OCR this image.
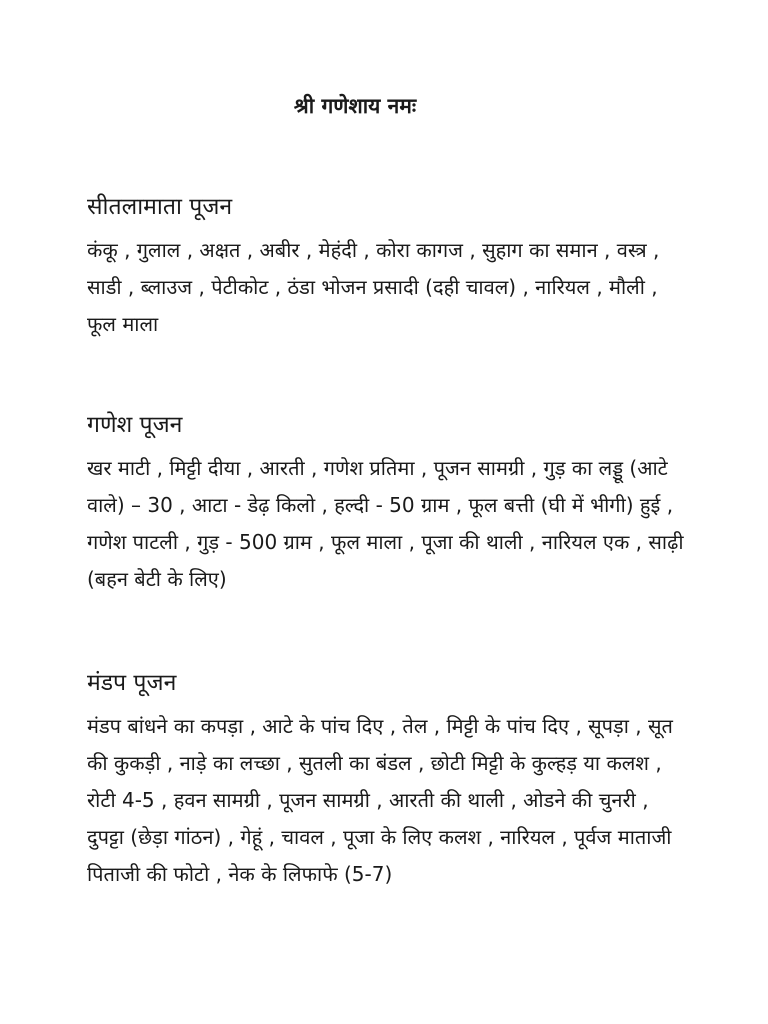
श्री गणेशाय नमः
सीतलामाता पूजन

कंकू , गुलाल , अक्षत , अबीर , मेहंदी , कोरा कागज , सुहाग का समान , वस्त्र , साडी , ब्लाउज , पेटीकोट , ठंडा भोजन प्रसादी (दही चावल) , नारियल , मौली , फूल माला

गणेश पूजन

खर माटी , मिट्टी दीया , आरती , गणेश प्रतिमा , पूजन सामग्री , गुड़ का लड्डू (आटे वाले) – 30 , आटा - डेढ़ किलो , हल्दी - 50 ग्राम , फूल बत्ती (घी में भीगी) हुई , गणेश पाटली , गुड़ - 500 ग्राम , फूल माला , पूजा की थाली , नारियल एक , साढ़ी (बहन बेटी के लिए)

मंडप पूजन

मंडप बांधने का कपड़ा , आटे के पांच दिए , तेल , मिट्टी के पांच दिए , सूपड़ा , सूत की कुकड़ी , नाड़े का लच्छा , सुतली का बंडल , छोटी मिट्टी के कुल्हड़ या कलश , रोटी 4-5 , हवन सामग्री , पूजन सामग्री , आरती की थाली , ओडने की चुनरी , दुपट्टा (छेड़ा गांठन) , गेहूं , चावल , पूजा के लिए कलश , नारियल , पूर्वज माताजी पिताजी की फोटो , नेक के लिफाफे (5-7)
